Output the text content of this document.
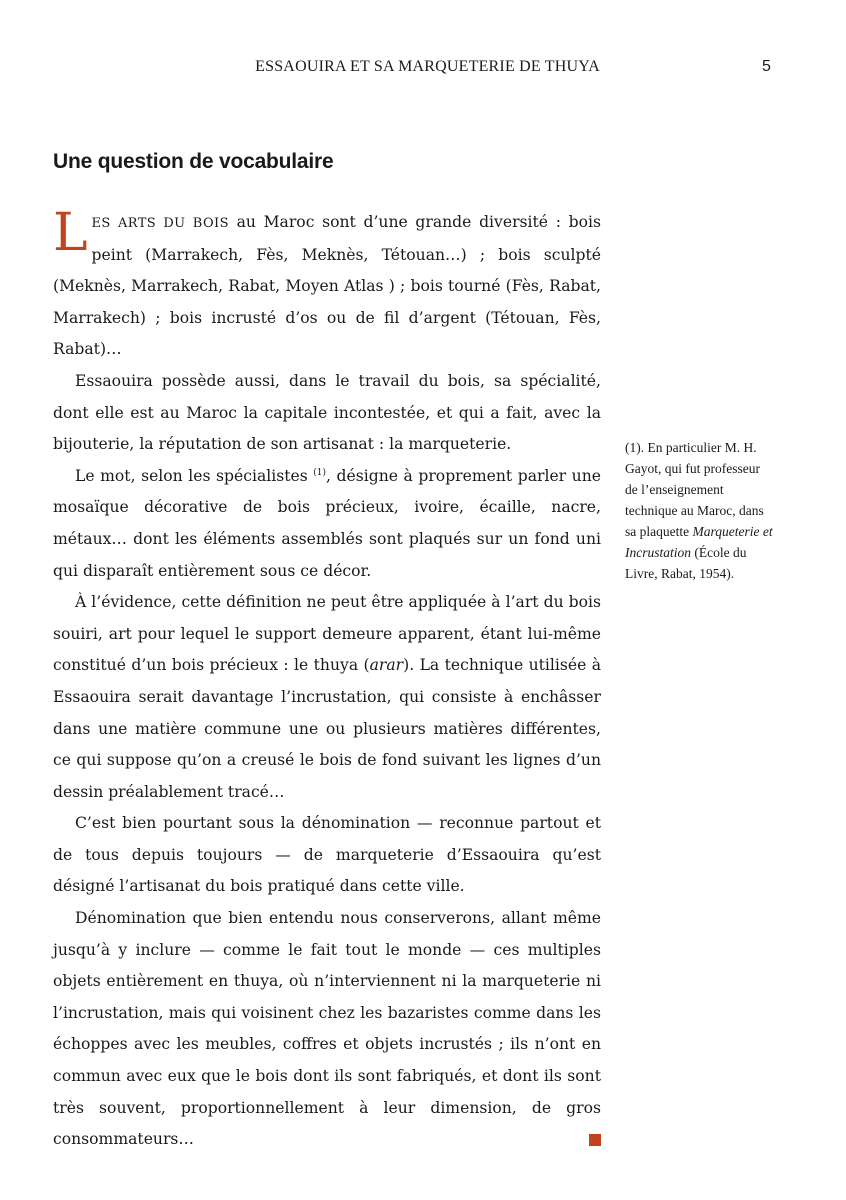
ESSAOUIRA ET SA MARQUETERIE DE THUYA	5
Une question de vocabulaire

LES ARTS DU BOIS au Maroc sont d’une grande diversité : bois peint (Marrakech, Fès, Meknès, Tétouan…) ; bois sculpté (Meknès, Marrakech, Rabat, Moyen Atlas ) ; bois tourné (Fès, Rabat, Marrakech) ; bois incrusté d’os ou de fil d’argent (Tétouan, Fès, Rabat)…

Essaouira possède aussi, dans le travail du bois, sa spécialité, dont elle est au Maroc la capitale incontestée, et qui a fait, avec la bijouterie, la réputation de son artisanat : la marqueterie.

Le mot, selon les spécialistes $^{(1)}$, désigne à proprement parler une mosaïque décorative de bois précieux, ivoire, écaille, nacre, métaux… dont les éléments assemblés sont plaqués sur un fond uni qui disparaît entièrement sous ce décor.

À l’évidence, cette définition ne peut être appliquée à l’art du bois souiri, art pour lequel le support demeure apparent, étant lui-même constitué d’un bois précieux : le thuya (arar). La technique utilisée à Essaouira serait davantage l’incrustation, qui consiste à enchâsser dans une matière commune une ou plusieurs matières différentes, ce qui suppose qu’on a creusé le bois de fond suivant les lignes d’un dessin préalablement tracé…

C’est bien pourtant sous la dénomination — reconnue partout et de tous depuis toujours — de marqueterie d’Essaouira qu’est désigné l’artisanat du bois pratiqué dans cette ville.

Dénomination que bien entendu nous conserverons, allant même jusqu’à y inclure — comme le fait tout le monde — ces multiples objets entièrement en thuya, où n’interviennent ni la marqueterie ni l’incrustation, mais qui voisinent chez les bazaristes comme dans les échoppes avec les meubles, coffres et objets incrustés ; ils n’ont en commun avec eux que le bois dont ils sont fabriqués, et dont ils sont très souvent, proportionnellement à leur dimension, de gros consommateurs…

(1). En particulier M. H. Gayot, qui fut professeur de l’enseignement technique au Maroc, dans sa plaquette Marqueterie et Incrustation (École du Livre, Rabat, 1954).
